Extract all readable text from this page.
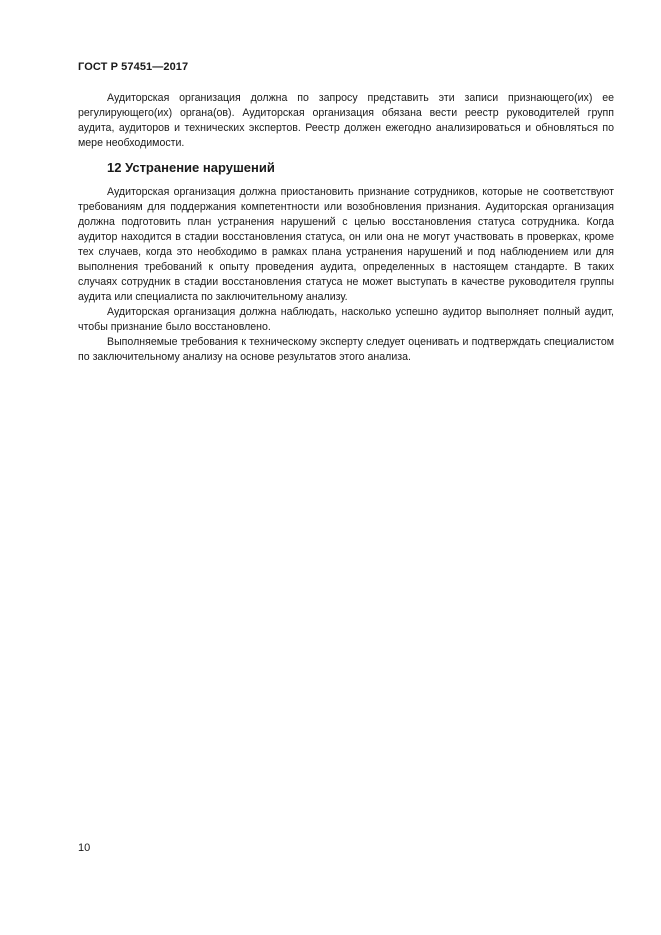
ГОСТ Р 57451—2017

Аудиторская организация должна по запросу представить эти записи признающего(их) ее регулирующего(их) органа(ов). Аудиторская организация обязана вести реестр руководителей групп аудита, аудиторов и технических экспертов. Реестр должен ежегодно анализироваться и обновляться по мере необходимости.

12 Устранение нарушений

Аудиторская организация должна приостановить признание сотрудников, которые не соответствуют требованиям для поддержания компетентности или возобновления признания. Аудиторская организация должна подготовить план устранения нарушений с целью восстановления статуса сотрудника. Когда аудитор находится в стадии восстановления статуса, он или она не могут участвовать в проверках, кроме тех случаев, когда это необходимо в рамках плана устранения нарушений и под наблюдением или для выполнения требований к опыту проведения аудита, определенных в настоящем стандарте. В таких случаях сотрудник в стадии восстановления статуса не может выступать в качестве руководителя группы аудита или специалиста по заключительному анализу.

Аудиторская организация должна наблюдать, насколько успешно аудитор выполняет полный аудит, чтобы признание было восстановлено.

Выполняемые требования к техническому эксперту следует оценивать и подтверждать специалистом по заключительному анализу на основе результатов этого анализа.

10
